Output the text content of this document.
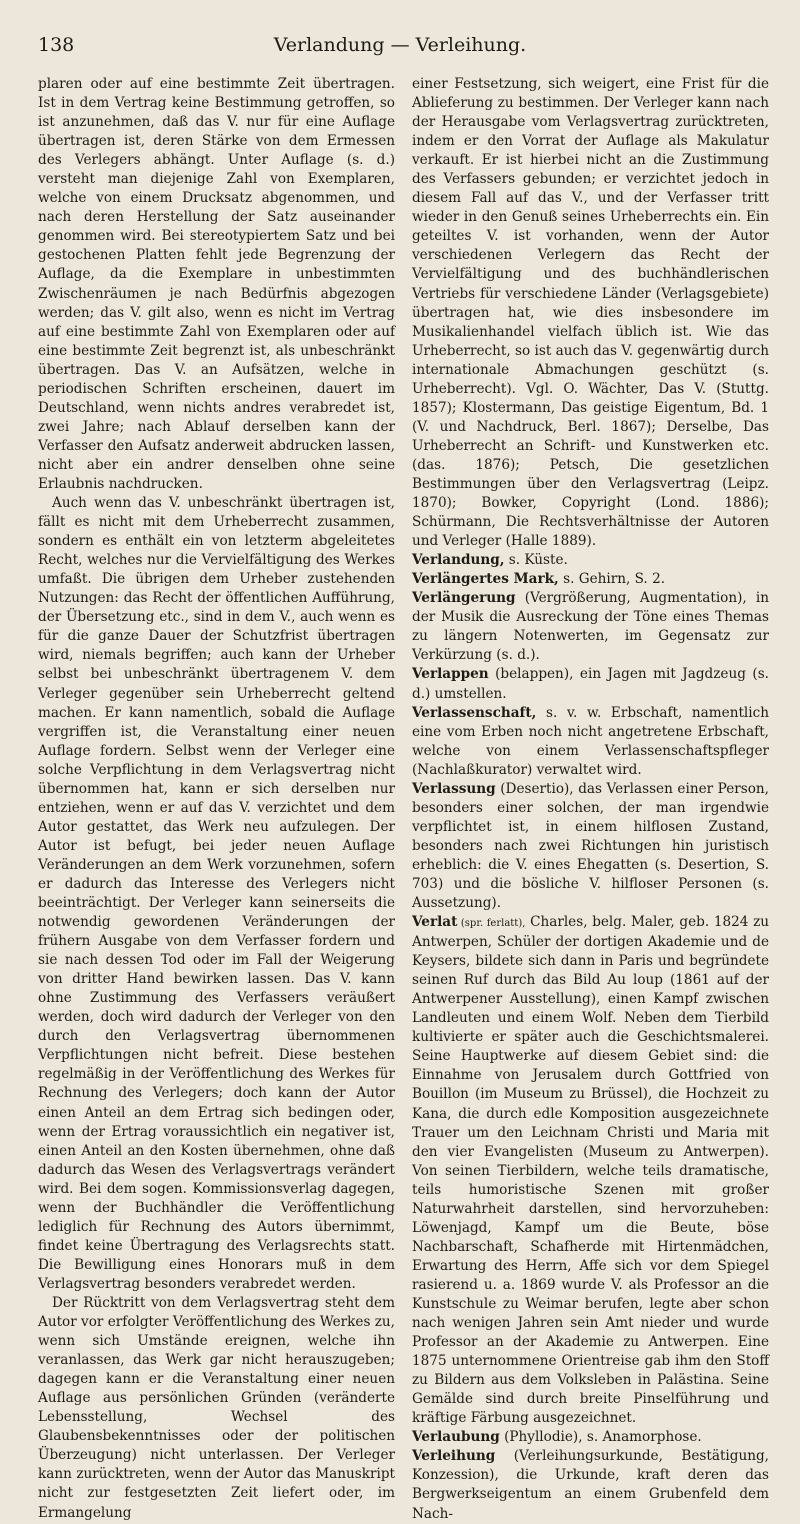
138	Verlandung — Verleihung.

plaren oder auf eine bestimmte Zeit übertragen. Ist in dem Vertrag keine Bestimmung getroffen, so ist anzunehmen, daß das V. nur für eine Auflage übertragen ist, deren Stärke von dem Ermessen des Verlegers abhängt. Unter Auflage (s. d.) versteht man diejenige Zahl von Exemplaren, welche von einem Drucksatz abgenommen, und nach deren Herstellung der Satz auseinander genommen wird. Bei stereotypiertem Satz und bei gestochenen Platten fehlt jede Begrenzung der Auflage, da die Exemplare in unbestimmten Zwischenräumen je nach Bedürfnis abgezogen werden; das V. gilt also, wenn es nicht im Vertrag auf eine bestimmte Zahl von Exemplaren oder auf eine bestimmte Zeit begrenzt ist, als unbeschränkt übertragen. Das V. an Aufsätzen, welche in periodischen Schriften erscheinen, dauert im Deutschland, wenn nichts andres verabredet ist, zwei Jahre; nach Ablauf derselben kann der Verfasser den Aufsatz anderweit abdrucken lassen, nicht aber ein andrer denselben ohne seine Erlaubnis nachdrucken.

Auch wenn das V. unbeschränkt übertragen ist, fällt es nicht mit dem Urheberrecht zusammen, sondern es enthält ein von letzterm abgeleitetes Recht, welches nur die Vervielfältigung des Werkes umfaßt. Die übrigen dem Urheber zustehenden Nutzungen: das Recht der öffentlichen Aufführung, der Übersetzung etc., sind in dem V., auch wenn es für die ganze Dauer der Schutzfrist übertragen wird, niemals begriffen; auch kann der Urheber selbst bei unbeschränkt übertragenem V. dem Verleger gegenüber sein Urheberrecht geltend machen. Er kann namentlich, sobald die Auflage vergriffen ist, die Veranstaltung einer neuen Auflage fordern. Selbst wenn der Verleger eine solche Verpflichtung in dem Verlagsvertrag nicht übernommen hat, kann er sich derselben nur entziehen, wenn er auf das V. verzichtet und dem Autor gestattet, das Werk neu aufzulegen. Der Autor ist befugt, bei jeder neuen Auflage Veränderungen an dem Werk vorzunehmen, sofern er dadurch das Interesse des Verlegers nicht beeinträchtigt. Der Verleger kann seinerseits die notwendig gewordenen Veränderungen der frühern Ausgabe von dem Verfasser fordern und sie nach dessen Tod oder im Fall der Weigerung von dritter Hand bewirken lassen. Das V. kann ohne Zustimmung des Verfassers veräußert werden, doch wird dadurch der Verleger von den durch den Verlagsvertrag übernommenen Verpflichtungen nicht befreit. Diese bestehen regelmäßig in der Veröffentlichung des Werkes für Rechnung des Verlegers; doch kann der Autor einen Anteil an dem Ertrag sich bedingen oder, wenn der Ertrag voraussichtlich ein negativer ist, einen Anteil an den Kosten übernehmen, ohne daß dadurch das Wesen des Verlagsvertrags verändert wird. Bei dem sogen. Kommissionsverlag dagegen, wenn der Buchhändler die Veröffentlichung lediglich für Rechnung des Autors übernimmt, findet keine Übertragung des Verlagsrechts statt. Die Bewilligung eines Honorars muß in dem Verlagsvertrag besonders verabredet werden.

Der Rücktritt von dem Verlagsvertrag steht dem Autor vor erfolgter Veröffentlichung des Werkes zu, wenn sich Umstände ereignen, welche ihn veranlassen, das Werk gar nicht herauszugeben; dagegen kann er die Veranstaltung einer neuen Auflage aus persönlichen Gründen (veränderte Lebensstellung, Wechsel des Glaubensbekenntnisses oder der politischen Überzeugung) nicht unterlassen. Der Verleger kann zurücktreten, wenn der Autor das Manuskript nicht zur festgesetzten Zeit liefert oder, im Ermangelung

einer Festsetzung, sich weigert, eine Frist für die Ablieferung zu bestimmen. Der Verleger kann nach der Herausgabe vom Verlagsvertrag zurücktreten, indem er den Vorrat der Auflage als Makulatur verkauft. Er ist hierbei nicht an die Zustimmung des Verfassers gebunden; er verzichtet jedoch in diesem Fall auf das V., und der Verfasser tritt wieder in den Genuß seines Urheberrechts ein. Ein geteiltes V. ist vorhanden, wenn der Autor verschiedenen Verlegern das Recht der Vervielfältigung und des buchhändlerischen Vertriebs für verschiedene Länder (Verlagsgebiete) übertragen hat, wie dies insbesondere im Musikalienhandel vielfach üblich ist. Wie das Urheberrecht, so ist auch das V. gegenwärtig durch internationale Abmachungen geschützt (s. Urheberrecht). Vgl. O. Wächter, Das V. (Stuttg. 1857); Klostermann, Das geistige Eigentum, Bd. 1 (V. und Nachdruck, Berl. 1867); Derselbe, Das Urheberrecht an Schrift- und Kunstwerken etc. (das. 1876); Petsch, Die gesetzlichen Bestimmungen über den Verlagsvertrag (Leipz. 1870); Bowker, Copyright (Lond. 1886); Schürmann, Die Rechtsverhältnisse der Autoren und Verleger (Halle 1889).

Verlandung, s. Küste.

Verlängertes Mark, s. Gehirn, S. 2.

Verlängerung (Vergrößerung, Augmentation), in der Musik die Ausreckung der Töne eines Themas zu längern Notenwerten, im Gegensatz zur Verkürzung (s. d.).

Verlappen (belappen), ein Jagen mit Jagdzeug (s. d.) umstellen.

Verlassenschaft, s. v. w. Erbschaft, namentlich eine vom Erben noch nicht angetretene Erbschaft, welche von einem Verlassenschaftspfleger (Nachlaßkurator) verwaltet wird.

Verlassung (Desertio), das Verlassen einer Person, besonders einer solchen, der man irgendwie verpflichtet ist, in einem hilflosen Zustand, besonders nach zwei Richtungen hin juristisch erheblich: die V. eines Ehegatten (s. Desertion, S. 703) und die bösliche V. hilfloser Personen (s. Aussetzung).

Verlat (spr. ferlatt), Charles, belg. Maler, geb. 1824 zu Antwerpen, Schüler der dortigen Akademie und de Keysers, bildete sich dann in Paris und begründete seinen Ruf durch das Bild Au loup (1861 auf der Antwerpener Ausstellung), einen Kampf zwischen Landleuten und einem Wolf. Neben dem Tierbild kultivierte er später auch die Geschichtsmalerei. Seine Hauptwerke auf diesem Gebiet sind: die Einnahme von Jerusalem durch Gottfried von Bouillon (im Museum zu Brüssel), die Hochzeit zu Kana, die durch edle Komposition ausgezeichnete Trauer um den Leichnam Christi und Maria mit den vier Evangelisten (Museum zu Antwerpen). Von seinen Tierbildern, welche teils dramatische, teils humoristische Szenen mit großer Naturwahrheit darstellen, sind hervorzuheben: Löwenjagd, Kampf um die Beute, böse Nachbarschaft, Schafherde mit Hirtenmädchen, Erwartung des Herrn, Affe sich vor dem Spiegel rasierend u. a. 1869 wurde V. als Professor an die Kunstschule zu Weimar berufen, legte aber schon nach wenigen Jahren sein Amt nieder und wurde Professor an der Akademie zu Antwerpen. Eine 1875 unternommene Orientreise gab ihm den Stoff zu Bildern aus dem Volksleben in Palästina. Seine Gemälde sind durch breite Pinselführung und kräftige Färbung ausgezeichnet.

Verlaubung (Phyllodie), s. Anamorphose.

Verleihung (Verleihungsurkunde, Bestätigung, Konzession), die Urkunde, kraft deren das Bergwerkseigentum an einem Grubenfeld dem Nach-
